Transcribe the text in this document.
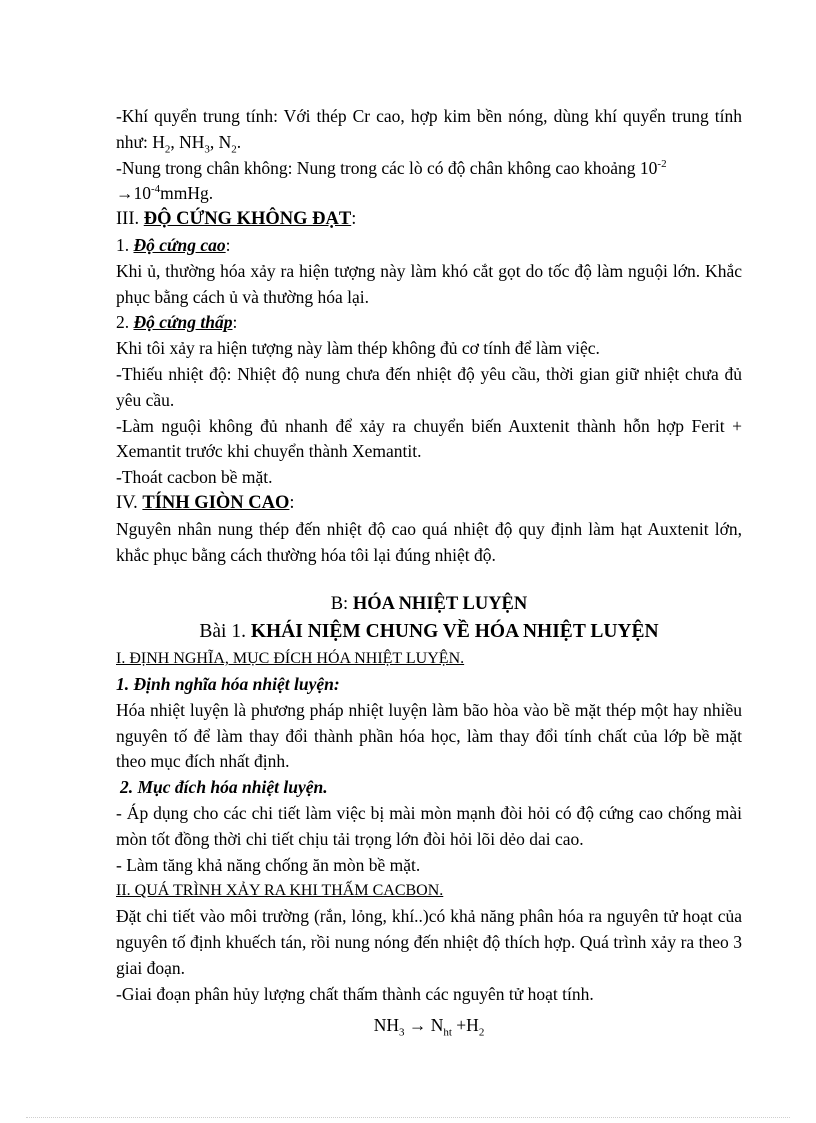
-Khí quyển trung tính: Với thép Cr cao, hợp kim bền nóng, dùng khí quyển trung tính như: $H_2$, $NH_3$, $N_2$.

-Nung trong chân không: Nung trong các lò có độ chân không cao khoảng $10^{-2}$
$\to 10^{-4}mmHg$.

III. ĐỘ CỨNG KHÔNG ĐẠT:

1. Độ cứng cao:

Khi ủ, thường hóa xảy ra hiện tượng này làm khó cắt gọt do tốc độ làm nguội lớn. Khắc phục bằng cách ủ và thường hóa lại.

2. Độ cứng thấp:

Khi tôi xảy ra hiện tượng này làm thép không đủ cơ tính để làm việc.

-Thiếu nhiệt độ: Nhiệt độ nung chưa đến nhiệt độ yêu cầu, thời gian giữ nhiệt chưa đủ yêu cầu.

-Làm nguội không đủ nhanh để xảy ra chuyển biến Auxtenit thành hỗn hợp Ferit + Xemantit trước khi chuyển thành Xemantit.

-Thoát cacbon bề mặt.

IV. TÍNH GIÒN CAO:

Nguyên nhân nung thép đến nhiệt độ cao quá nhiệt độ quy định làm hạt Auxtenit lớn, khắc phục bằng cách thường hóa tôi lại đúng nhiệt độ.

B: HÓA NHIỆT LUYỆN

Bài 1. KHÁI NIỆM CHUNG VỀ HÓA NHIỆT LUYỆN

I. ĐỊNH NGHĨA, MỤC ĐÍCH HÓA NHIỆT LUYỆN.

1. Định nghĩa hóa nhiệt luyện:

Hóa nhiệt luyện là phương pháp nhiệt luyện làm bão hòa vào bề mặt thép một hay nhiều nguyên tố để làm thay đổi thành phần hóa học, làm thay đổi tính chất của lớp bề mặt theo mục đích nhất định.

2. Mục đích hóa nhiệt luyện.

- Áp dụng cho các chi tiết làm việc bị mài mòn mạnh đòi hỏi có độ cứng cao chống mài mòn tốt đồng thời chi tiết chịu tải trọng lớn đòi hỏi lõi dẻo dai cao.

- Làm tăng khả năng chống ăn mòn bề mặt.

II. QUÁ TRÌNH XẢY RA KHI THẤM CACBON.

Đặt chi tiết vào môi trường (rắn, lỏng, khí..)có khả năng phân hóa ra nguyên tử hoạt của nguyên tố định khuếch tán, rồi nung nóng đến nhiệt độ thích hợp. Quá trình xảy ra theo 3 giai đoạn.

-Giai đoạn phân hủy lượng chất thấm thành các nguyên tử hoạt tính.

$NH_3 \to N_{ht} +H_2$
